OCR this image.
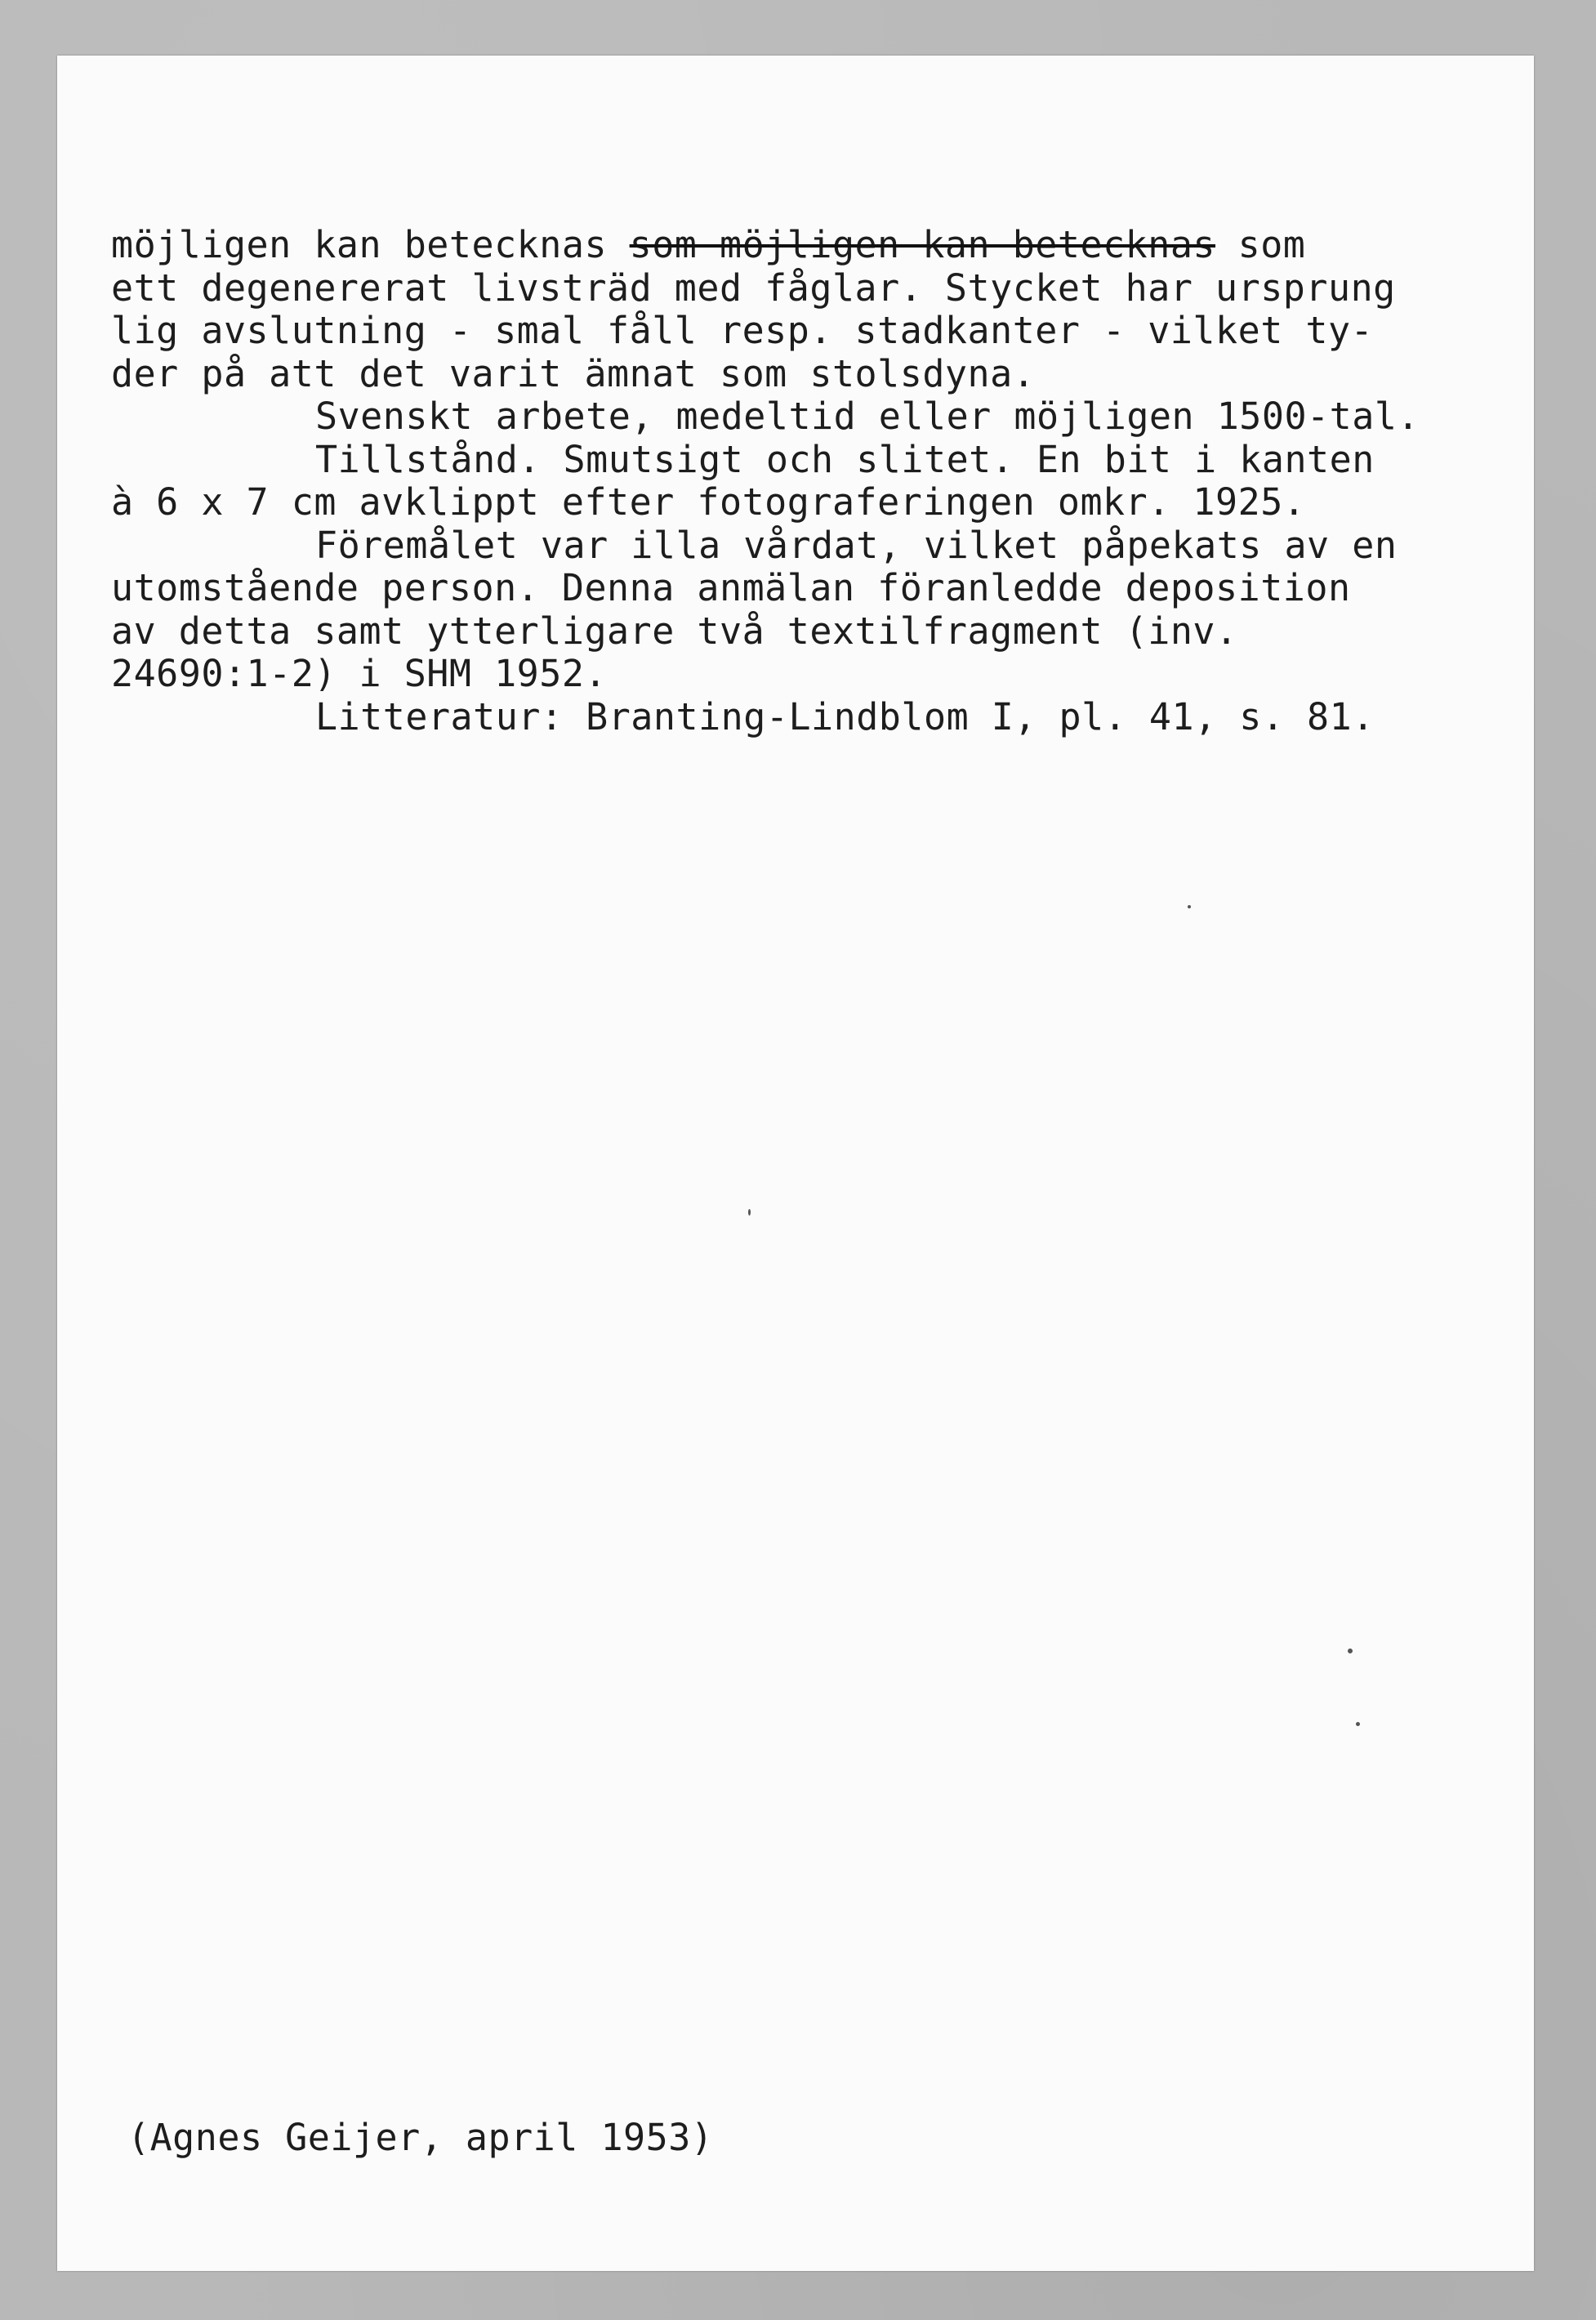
möjligen kan betecknas som möjligen kan betecknas som
ett degenererat livsträd med fåglar. Stycket har ursprung
lig avslutning - smal fåll resp. stadkanter - vilket ty-
der på att det varit ämnat som stolsdyna.
Svenskt arbete, medeltid eller möjligen 1500-tal.
Tillstånd. Smutsigt och slitet. En bit i kanten
à 6 x 7 cm avklippt efter fotograferingen omkr. 1925.
Föremålet var illa vårdat, vilket påpekats av en
utomstående person. Denna anmälan föranledde deposition
av detta samt ytterligare två textilfragment (inv.
24690:1-2) i SHM 1952.
Litteratur: Branting-Lindblom I, pl. 41, s. 81.
(Agnes Geijer, april 1953)
